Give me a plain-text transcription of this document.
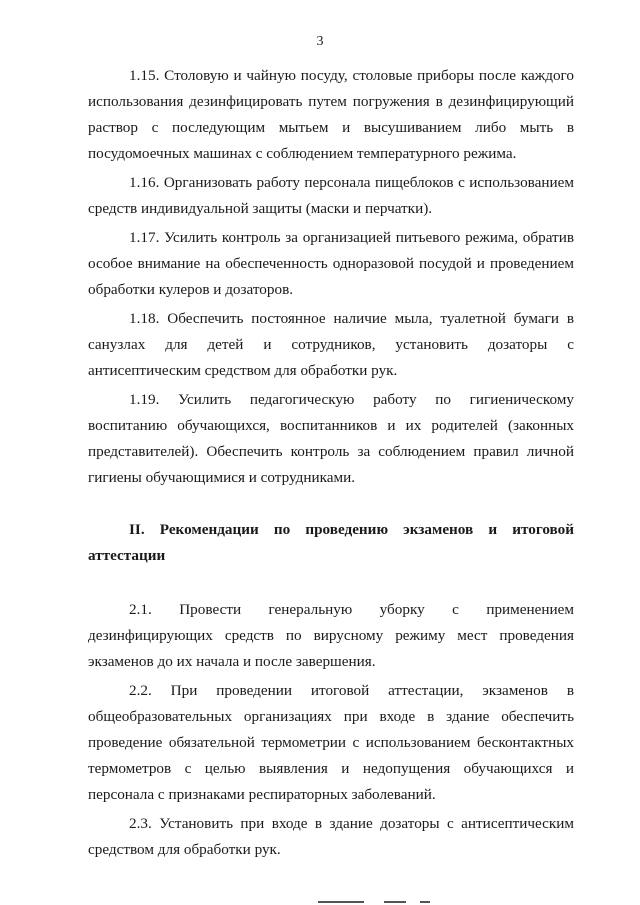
3

1.15. Столовую и чайную посуду, столовые приборы после каждого использования дезинфицировать путем погружения в дезинфицирующий раствор с последующим мытьем и высушиванием либо мыть в посудомоечных машинах с соблюдением температурного режима.

1.16. Организовать работу персонала пищеблоков с использованием средств индивидуальной защиты (маски и перчатки).

1.17. Усилить контроль за организацией питьевого режима, обратив особое внимание на обеспеченность одноразовой посудой и проведением обработки кулеров и дозаторов.

1.18. Обеспечить постоянное наличие мыла, туалетной бумаги в санузлах для детей и сотрудников, установить дозаторы с антисептическим средством для обработки рук.

1.19. Усилить педагогическую работу по гигиеническому воспитанию обучающихся, воспитанников и их родителей (законных представителей). Обеспечить контроль за соблюдением правил личной гигиены обучающимися и сотрудниками.

II. Рекомендации по проведению экзаменов и итоговой аттестации

2.1. Провести генеральную уборку с применением дезинфицирующих средств по вирусному режиму мест проведения экзаменов до их начала и после завершения.

2.2. При проведении итоговой аттестации, экзаменов в общеобразовательных организациях при входе в здание обеспечить проведение обязательной термометрии с использованием бесконтактных термометров с целью выявления и недопущения обучающихся и персонала с признаками респираторных заболеваний.

2.3. Установить при входе в здание дозаторы с антисептическим средством для обработки рук.
